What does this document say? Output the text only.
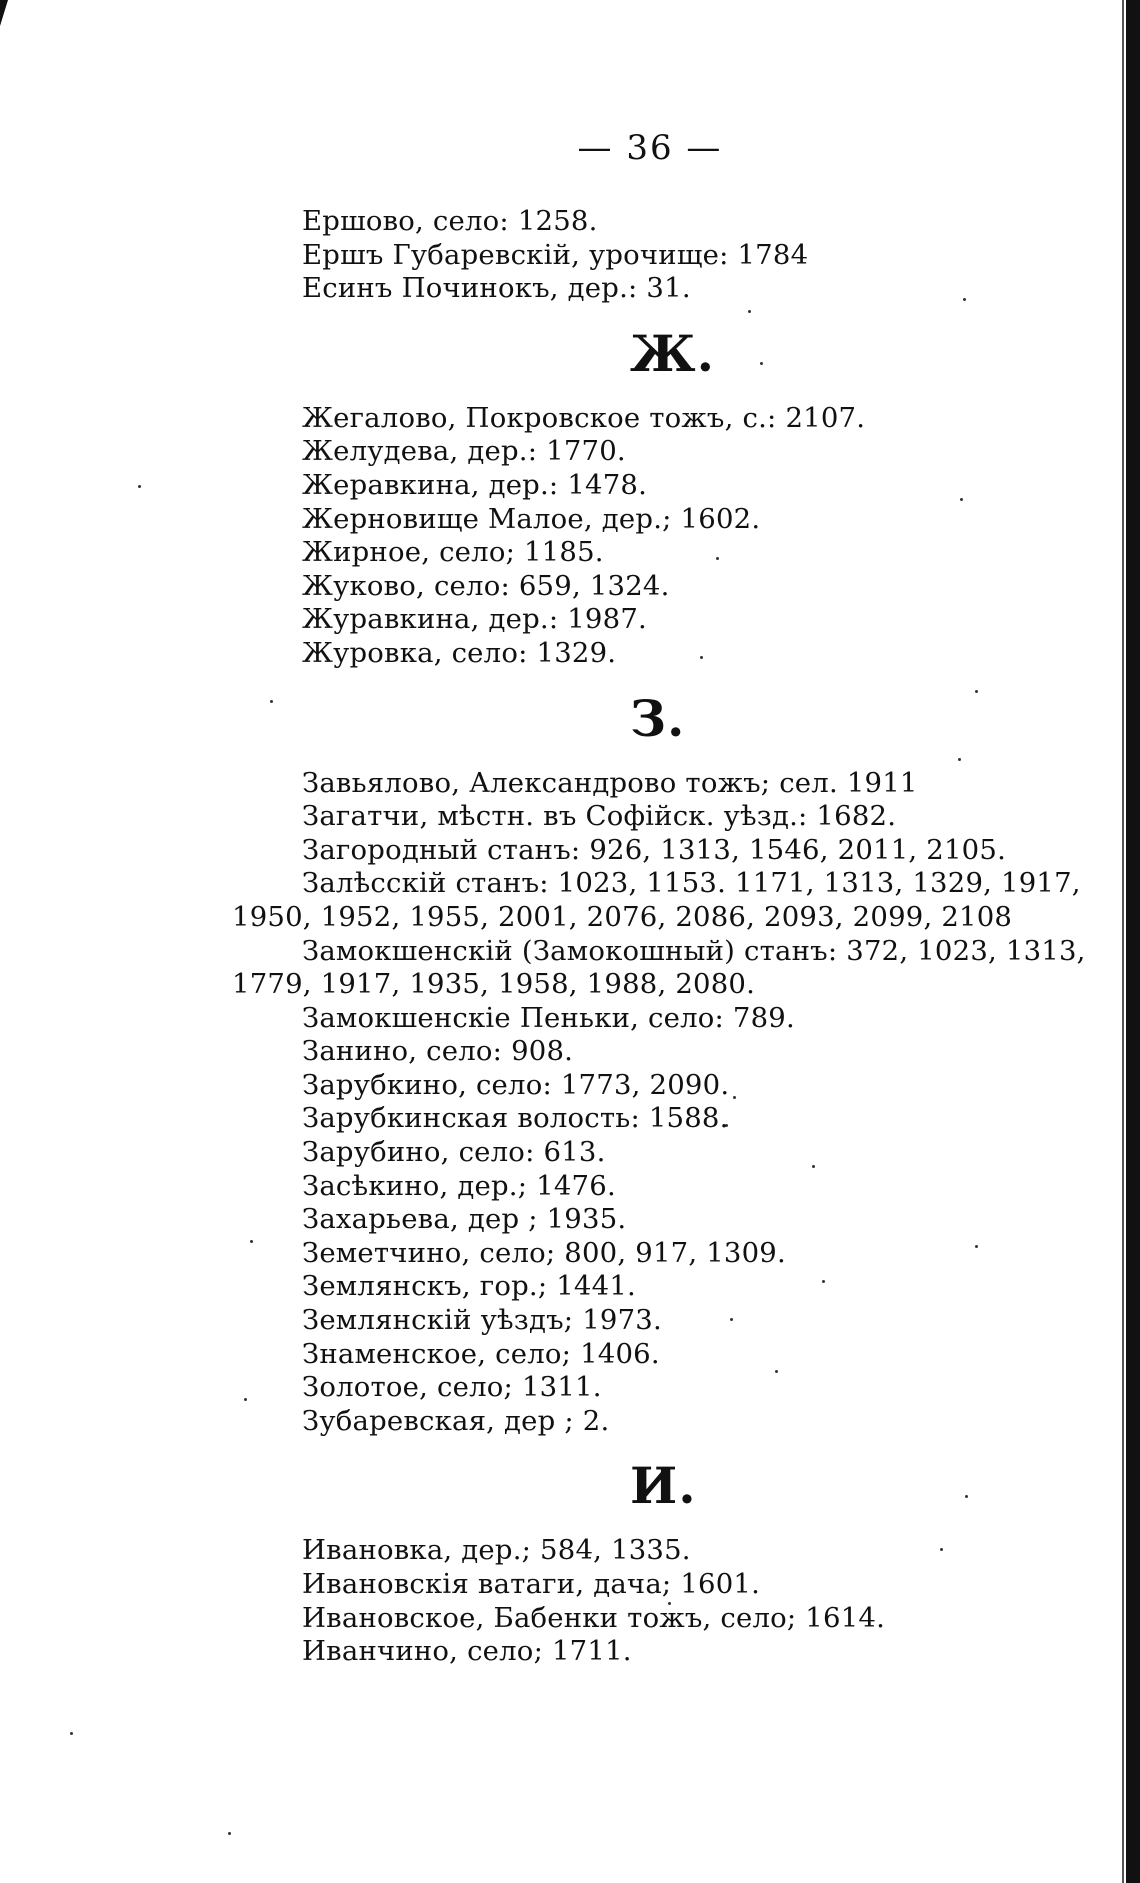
— 36 —
Ершово, село: 1258.
Ершъ Губаревскій, урочище: 1784
Есинъ Починокъ, дер.: 31.
Ж.
Жегалово, Покровское тожъ, с.: 2107.
Желудева, дер.: 1770.
Жеравкина, дер.: 1478.
Жерновище Малое, дер.; 1602.
Жирное, село; 1185.
Жуково, село: 659, 1324.
Журавкина, дер.: 1987.
Журовка, село: 1329.
З.
Завьялово, Александрово тожъ; сел. 1911
Загатчи, мѣстн. въ Софійск. уѣзд.: 1682.
Загородный станъ: 926, 1313, 1546, 2011, 2105.
Залѣсскій станъ: 1023, 1153. 1171, 1313, 1329, 1917,
1950, 1952, 1955, 2001, 2076, 2086, 2093, 2099, 2108
Замокшенскій (Замокошный) станъ: 372, 1023, 1313,
1779, 1917, 1935, 1958, 1988, 2080.
Замокшенскіе Пеньки, село: 789.
Занино, село: 908.
Зарубкино, село: 1773, 2090.
Зарубкинская волость: 1588.
Зарубино, село: 613.
Засѣкино, дер.; 1476.
Захарьева, дер ; 1935.
Земетчино, село; 800, 917, 1309.
Землянскъ, гор.; 1441.
Землянскій уѣздъ; 1973.
Знаменское, село; 1406.
Золотое, село; 1311.
Зубаревская, дер ; 2.
И.
Ивановка, дер.; 584, 1335.
Ивановскія ватаги, дача; 1601.
Ивановское, Бабенки тожъ, село; 1614.
Иванчино, село; 1711.
